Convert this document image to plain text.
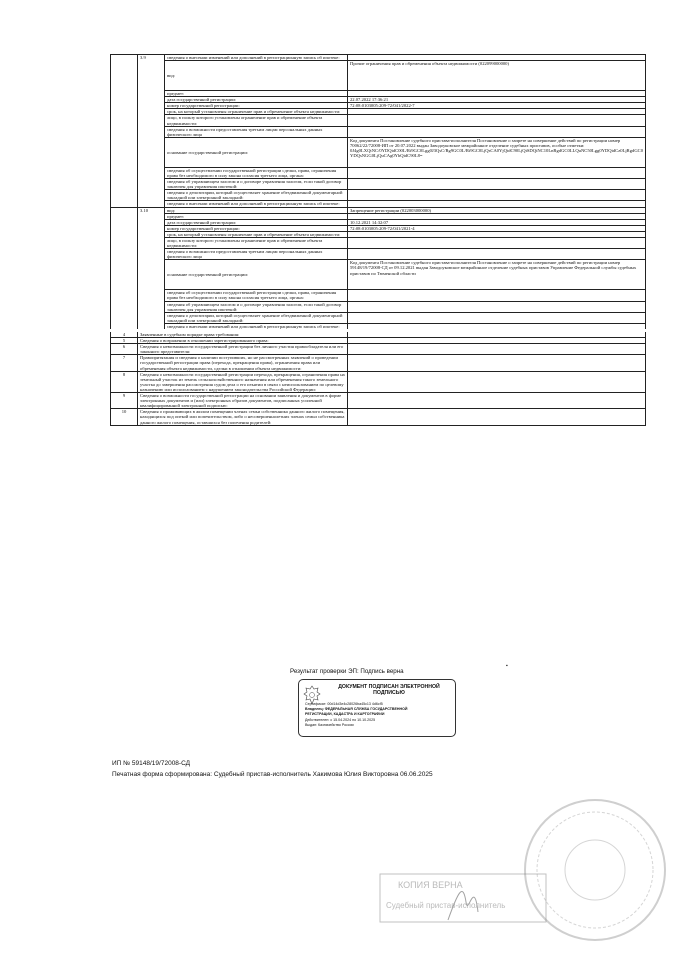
	3.9	сведения о внесении изменений или дополнений в регистрационную запись об ипотеке:	
		вид:	Прочие ограничения прав и обременения объекта недвижимости (022099000000)
		предмет:	
		дата государственной регистрации:	22.07.2022 17:36:21
		номер государственной регистрации:	72:08:0103005:209-72/041/2022-7
		срок, на который установлены ограничение прав и обременение объекта недвижимости:	
		лицо, в пользу которого установлены ограничение прав и обременение объекта недвижимости:	
		сведения о возможности предоставления третьим лицам персональных данных физического лица	
		основание государственной регистрации:	Код документа Постановление судебного пристава-исполнителя Постановление о запрете на совершение действий по регистрации номер 70062/22/72008-ИП от 20.07.2022 выдан Заводоуковское межрайонное отделение судебных приставов, особые отметки: 0J4g0LXQtNC/0YDQtdC00L/Ri9GC0Lgg0J3QsC/Rg9GC0L/Ri9GC0LjQsCA0YjQtdC90LjQtSDQtNC10LnRgdGC0LLQuNC50Lgg0YDQtdCz0LjRgdGC0YDQsNGG0LjQuCAg0YbQtdC90L8=
		сведения об осуществлении государственной регистрации сделки, права, ограничения права без необходимого в силу закона согласия третьего лица, органа:	
		сведения об управляющем залогом и о договоре управления залогом, если такой договор заключен для управления ипотекой:	
		сведения о депозитарии, который осуществляет хранение обездвиженной документарной закладной или электронной закладной:	
		сведения о внесении изменений или дополнений в регистрационную запись об ипотеке:	
	3.10	вид:	Запрещение регистрации (022003000000)
		предмет:	
		дата государственной регистрации:	10.12.2021 14:32:07
		номер государственной регистрации:	72:08:0103005:209-72/041/2021-4
		срок, на который установлены ограничение прав и обременение объекта недвижимости:	
		лицо, в пользу которого установлены ограничение прав и обременение объекта недвижимости:	
		сведения о возможности предоставления третьим лицам персональных данных физического лица	
		основание государственной регистрации:	Код документа Постановление судебного пристава-исполнителя Постановление о запрете на совершение действий по регистрации номер 59148/19/72008-СД от 09.12.2021 выдан Заводоуковское межрайонное отделение судебных приставов Управление Федеральной службы судебных приставов по Тюменской области
		сведения об осуществлении государственной регистрации сделки, права, ограничения права без необходимого в силу закона согласия третьего лица, органа:	
		сведения об управляющем залогом и о договоре управления залогом, если такой договор заключен для управления ипотекой:	
		сведения о депозитарии, который осуществляет хранение обездвиженной документарной закладной или электронной закладной:	
		сведения о внесении изменений или дополнений в регистрационную запись об ипотеке:	
4	Заявленные в судебном порядке права требования:		
5	Сведения о возражении в отношении зарегистрированного права:		
6	Сведения о невозможности государственной регистрации без личного участия правообладателя или его законного представителя:		
7	Правопритязания и сведения о наличии поступивших, но не рассмотренных заявлений о проведении государственной регистрации права (перехода, прекращения права), ограничения права или обременения объекта недвижимости, сделки в отношении объекта недвижимости:		
8	Сведения о невозможности государственной регистрации перехода, прекращения, ограничения права на земельный участок из земель сельскохозяйственного назначения или обременения такого земельного участка до завершения рассмотрения судом дела о его изъятии в связи с неиспользованием по целевому назначению или использованием с нарушением законодательства Российской Федерации:		
9	Сведения о возможности государственной регистрации на основании заявления и документов в форме электронных документов и (или) электронных образов документов, подписанных усиленной квалифицированной электронной подписью:		
10	Сведения о проживающих в жилом помещении членах семьи собственника данного жилого помещения, находящихся под опекой или попечительством, либо о несовершеннолетних членах семьи собственника данного жилого помещения, оставшихся без попечения родителей:		
Результат проверки ЭП: Подпись верна
▪
ДОКУМЕНТ ПОДПИСАН ЭЛЕКТРОННОЙ ПОДПИСЬЮ
Сертификат: 00d14d3e4c28026ba45c13 4d6cf5
Владелец: ФЕДЕРАЛЬНАЯ СЛУЖБА ГОСУДАРСТВЕННОЙ
РЕГИСТРАЦИИ, КАДАСТРА И КАРТОГРАФИИ
Действителен: с 15.04.2024 по 10.10.2025
Выдан: Казначейство России
ИП № 59148/19/72008-СД
Печатная форма сформирована: Судебный пристав-исполнитель Хакимова Юлия Викторовна 06.06.2025
КОПИЯ ВЕРНА
Судебный пристав-исполнитель
